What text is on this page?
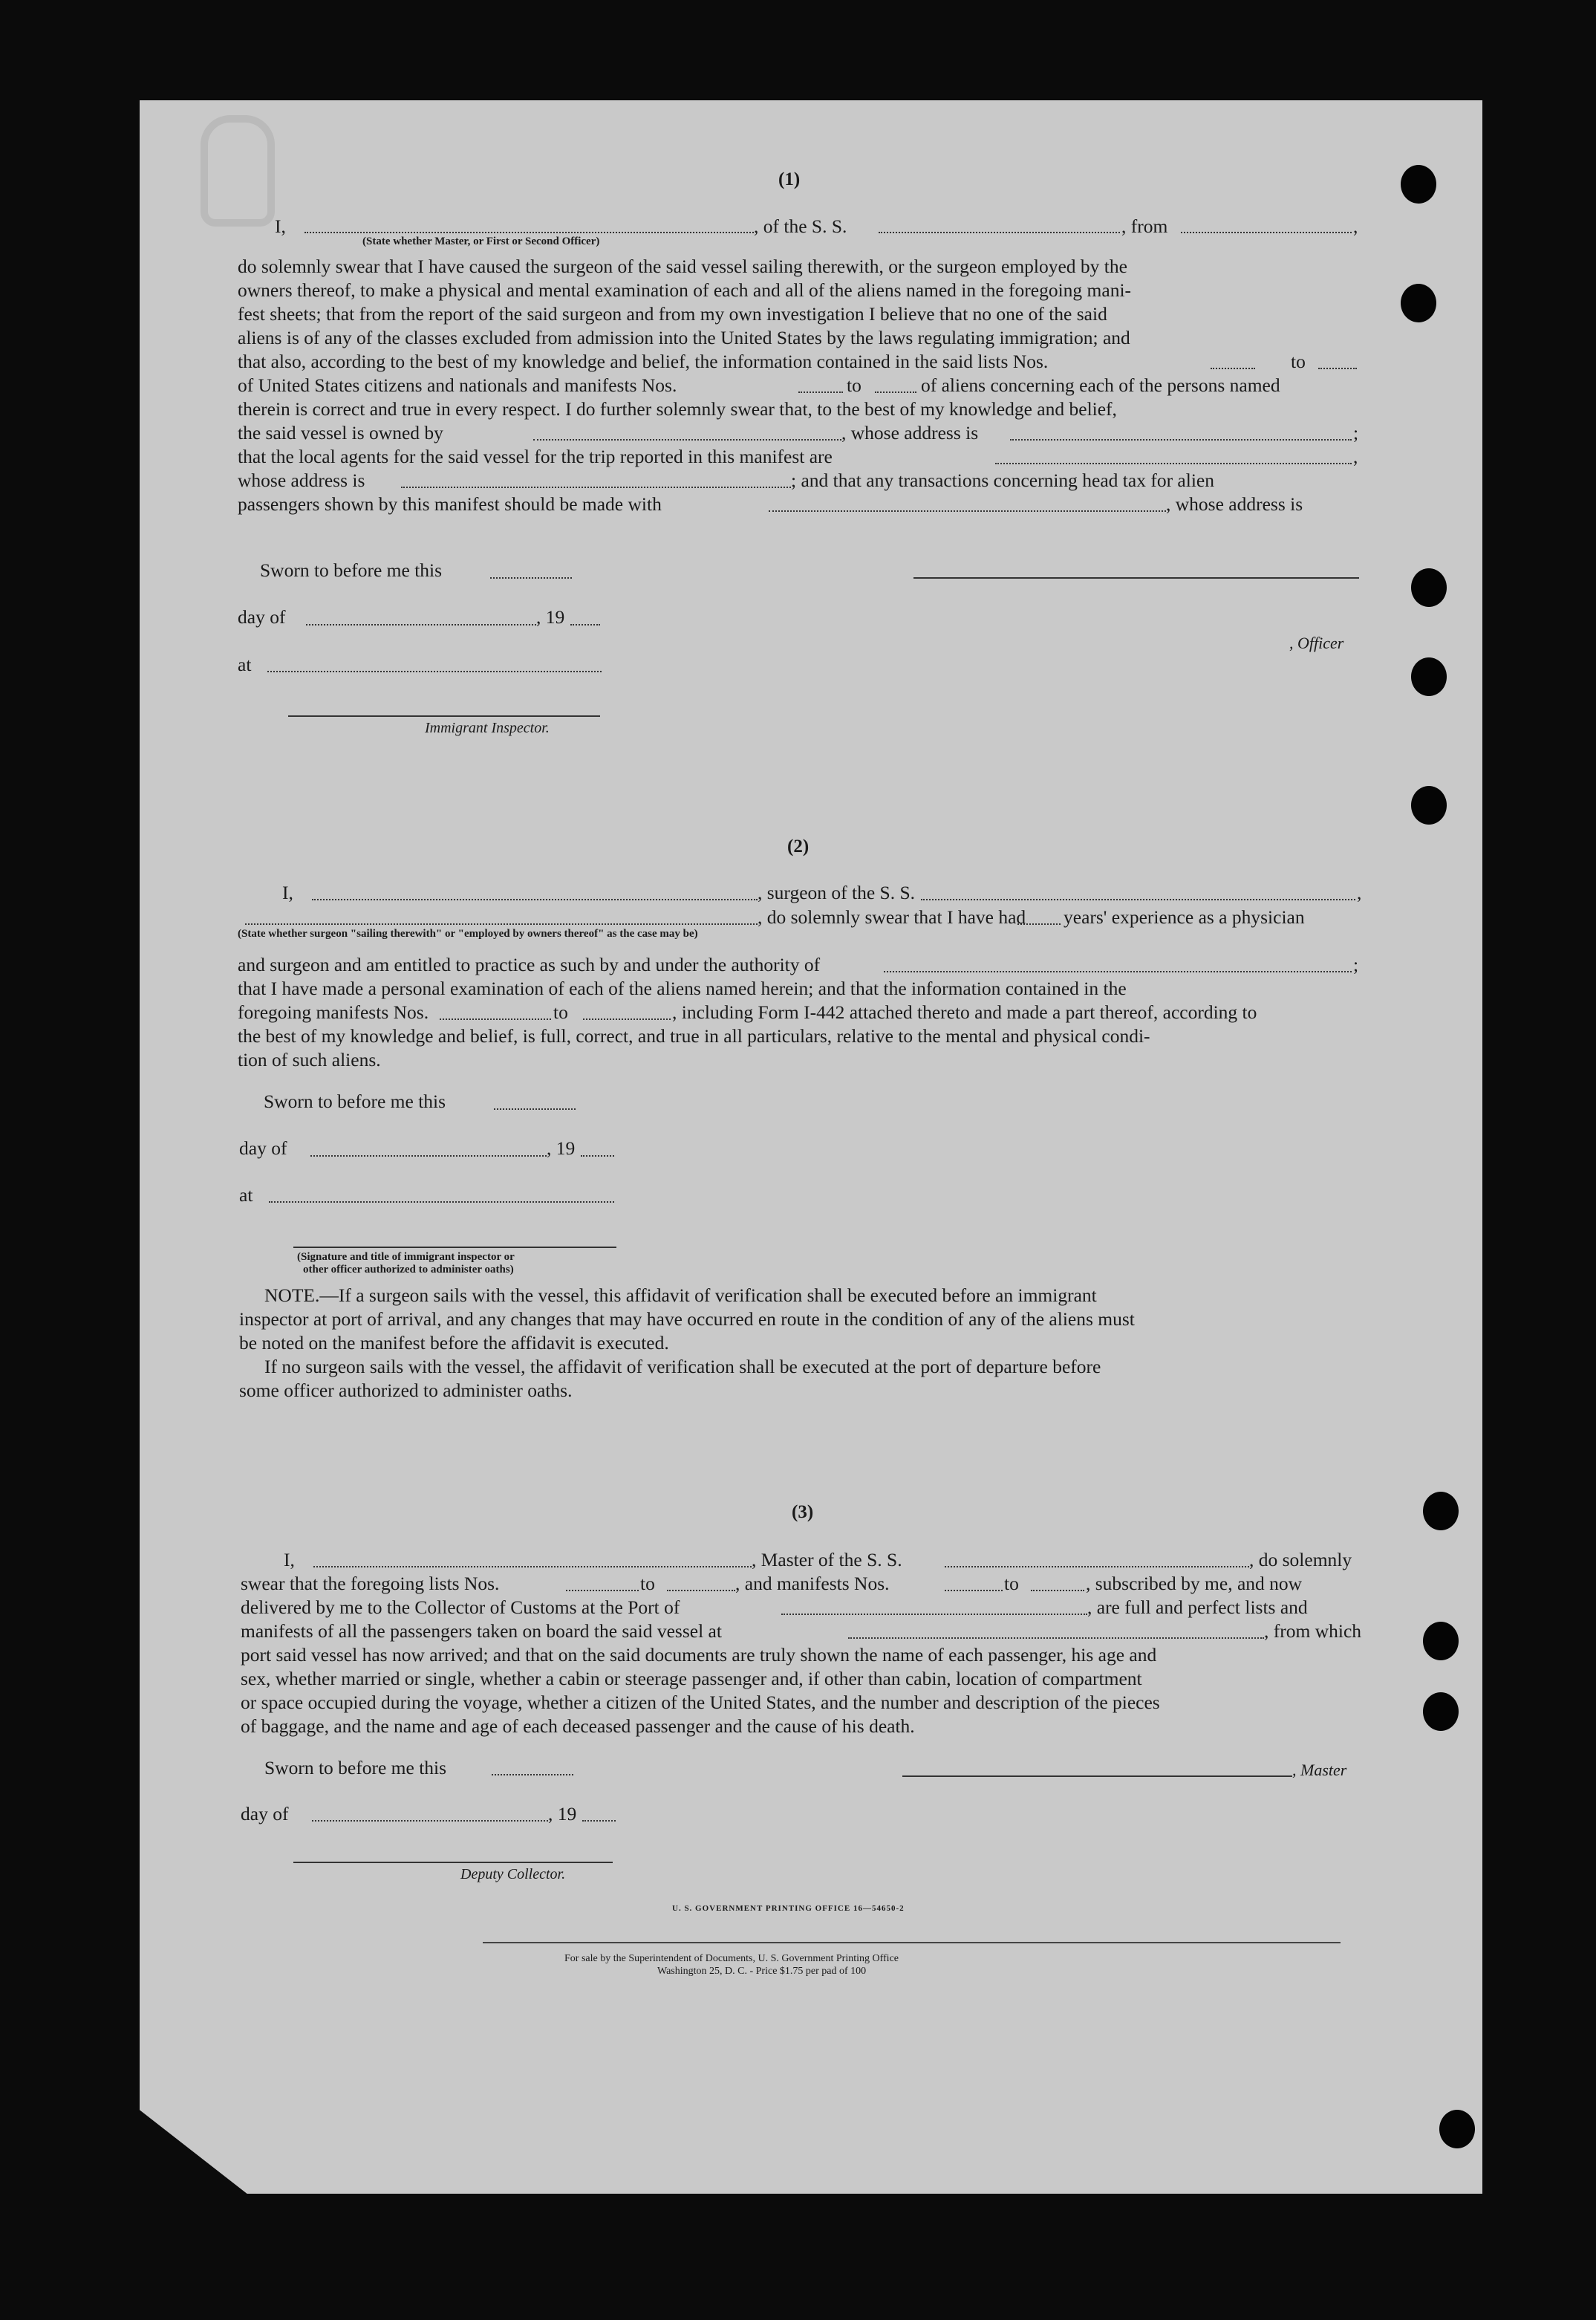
(1)
I,	, of the S. S.	, from	,
(State whether Master, or First or Second Officer)
do solemnly swear that I have caused the surgeon of the said vessel sailing therewith, or the surgeon employed by the
owners thereof, to make a physical and mental examination of each and all of the aliens named in the foregoing mani-
fest sheets; that from the report of the said surgeon and from my own investigation I believe that no one of the said
aliens is of any of the classes excluded from admission into the United States by the laws regulating immigration; and
that also, according to the best of my knowledge and belief, the information contained in the said lists Nos.	to
of United States citizens and nationals and manifests Nos.	to	of aliens concerning each of the persons named
therein is correct and true in every respect. I do further solemnly swear that, to the best of my knowledge and belief,
the said vessel is owned by	, whose address is	;
that the local agents for the said vessel for the trip reported in this manifest are	,
whose address is	; and that any transactions concerning head tax for alien
passengers shown by this manifest should be made with	, whose address is
Sworn to before me this
day of	, 19
, Officer
at
Immigrant Inspector.
(2)
I,	, surgeon of the S. S.	,
, do solemnly swear that I have had years' experience as a physician
(State whether surgeon "sailing therewith" or "employed by owners thereof" as the case may be)
and surgeon and am entitled to practice as such by and under the authority of	;
that I have made a personal examination of each of the aliens named herein; and that the information contained in the
foregoing manifests Nos.	to	, including Form I-442 attached thereto and made a part thereof, according to
the best of my knowledge and belief, is full, correct, and true in all particulars, relative to the mental and physical condi-
tion of such aliens.
Sworn to before me this
day of	, 19
at
(Signature and title of immigrant inspector or
other officer authorized to administer oaths)
NOTE.—If a surgeon sails with the vessel, this affidavit of verification shall be executed before an immigrant
inspector at port of arrival, and any changes that may have occurred en route in the condition of any of the aliens must
be noted on the manifest before the affidavit is executed.
If no surgeon sails with the vessel, the affidavit of verification shall be executed at the port of departure before
some officer authorized to administer oaths.
(3)
I,	, Master of the S. S.	, do solemnly
swear that the foregoing lists Nos.	to	, and manifests Nos.	to	, subscribed by me, and now
delivered by me to the Collector of Customs at the Port of	, are full and perfect lists and
manifests of all the passengers taken on board the said vessel at	, from which
port said vessel has now arrived; and that on the said documents are truly shown the name of each passenger, his age and
sex, whether married or single, whether a cabin or steerage passenger and, if other than cabin, location of compartment
or space occupied during the voyage, whether a citizen of the United States, and the number and description of the pieces
of baggage, and the name and age of each deceased passenger and the cause of his death.
Sworn to before me this	, Master
day of	, 19
Deputy Collector.
U. S. GOVERNMENT PRINTING OFFICE 16—54650-2
For sale by the Superintendent of Documents, U. S. Government Printing Office
Washington 25, D. C. - Price $1.75 per pad of 100
